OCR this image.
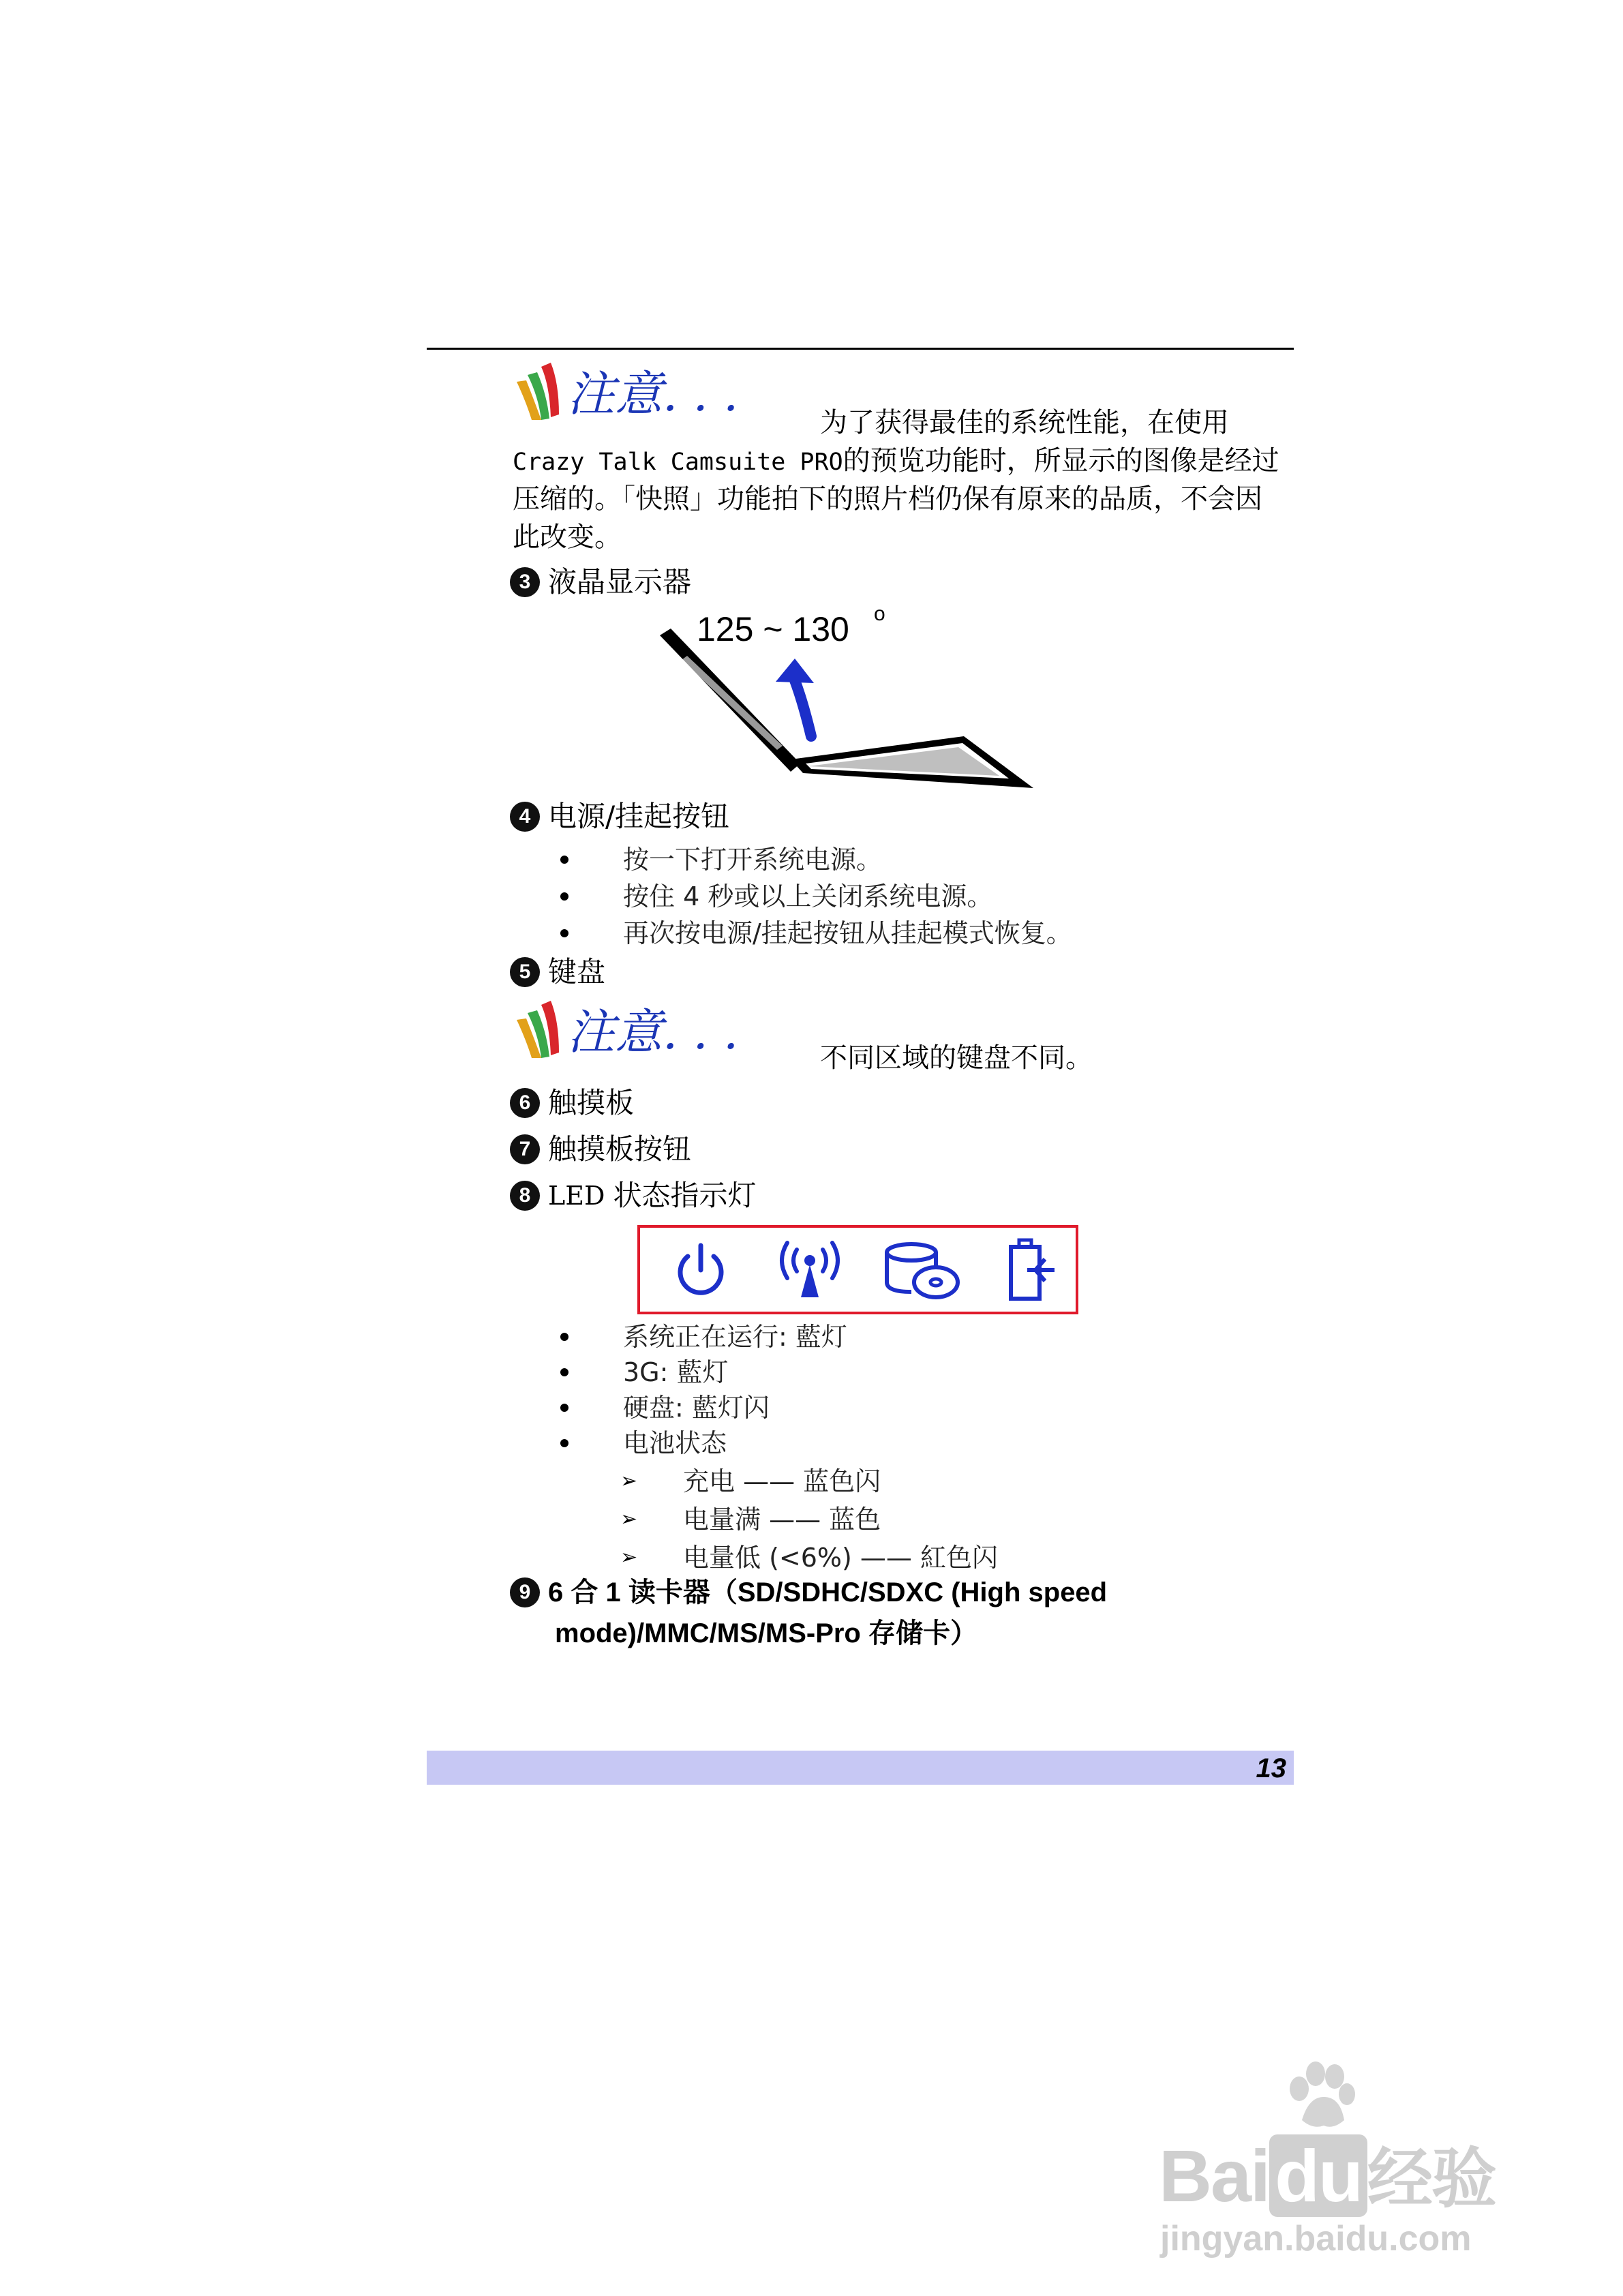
注意. . .
为了获得最佳的系统性能，在使用
Crazy Talk Camsuite PRO的预览功能时，所显示的图像是经过
压缩的。「快照」功能拍下的照片档仍保有原来的品质，不会因
此改变。
3 液晶显示器
125 ~ 130 o
4 电源/挂起按钮
按一下打开系统电源。
按住 4 秒或以上关闭系统电源。
再次按电源/挂起按钮从挂起模式恢复。
5 键盘
注意. . .	不同区域的键盘不同。
6 触摸板
7 触摸板按钮
8 LED 状态指示灯
系统正在运行: 藍灯
3G: 藍灯
硬盘: 藍灯闪
电池状态
➢	充电 —— 蓝色闪
➢	电量满 —— 蓝色
➢	电量低 (<6%) —— 紅色闪
9 6 合 1 读卡器（SD/SDHC/SDXC (High speed
mode)/MMC/MS/MS-Pro 存储卡）
13
Baidu经验
jingyan.baidu.com
